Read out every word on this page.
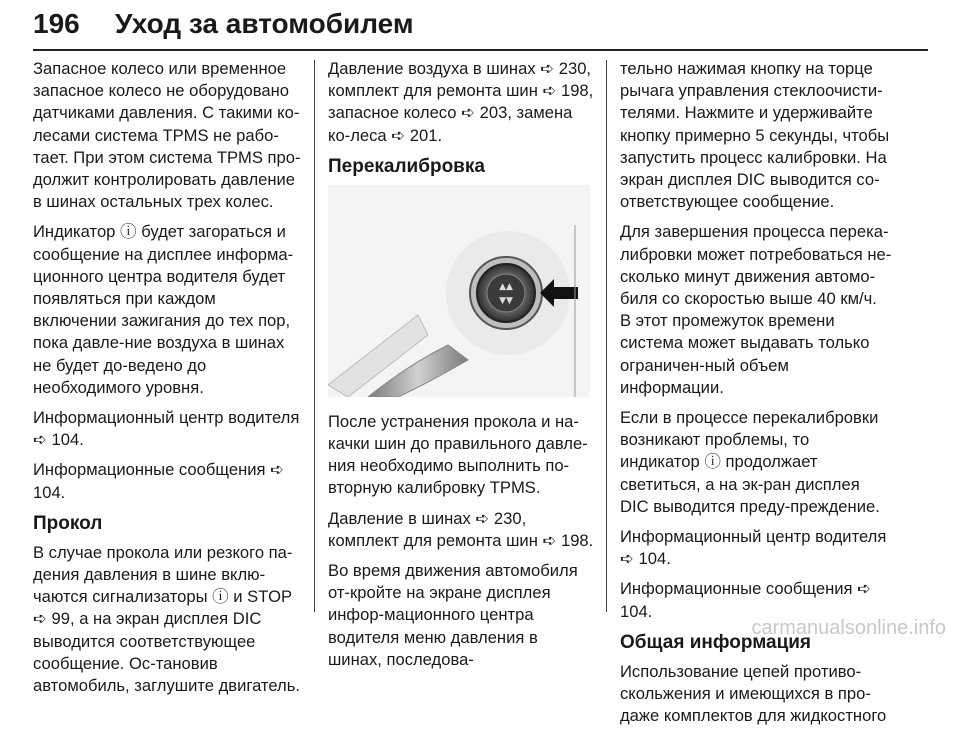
196 Уход за автомобилем

Запасное колесо или временное запасное колесо не оборудовано датчиками давления. С такими ко-лесами система TPMS не рабо-тает. При этом система TPMS про-должит контролировать давление в шинах остальных трех колес.

Индикатор ⓘ будет загораться и сообщение на дисплее информа-ционного центра водителя будет появляться при каждом включении зажигания до тех пор, пока давле-ние воздуха в шинах не будет до-ведено до необходимого уровня.

Информационный центр водителя ➪ 104.

Информационные сообщения ➪ 104.

Прокол

В случае прокола или резкого па-дения давления в шине вклю-чаются сигнализаторы ⓘ и STOP ➪ 99, а на экран дисплея DIC выводится соответствующее сообщение. Ос-тановив автомобиль, заглушите двигатель.

Давление воздуха в шинах ➪ 230, комплект для ремонта шин ➪ 198, запасное колесо ➪ 203, замена ко-леса ➪ 201.

Перекалибровка
▲▲
▼▼

После устранения прокола и на-качки шин до правильного давле-ния необходимо выполнить по-вторную калибровку TPMS.

Давление в шинах ➪ 230, комплект для ремонта шин ➪ 198.

Во время движения автомобиля от-кройте на экране дисплея инфор-мационного центра водителя меню давления в шинах, последова-

тельно нажимая кнопку на торце рычага управления стеклоочисти-телями. Нажмите и удерживайте кнопку примерно 5 секунды, чтобы запустить процесс калибровки. На экран дисплея DIC выводится со-ответствующее сообщение.

Для завершения процесса перека-либровки может потребоваться не-сколько минут движения автомо-биля со скоростью выше 40 км/ч. В этот промежуток времени система может выдавать только ограничен-ный объем информации.

Если в процессе перекалибровки возникают проблемы, то индикатор ⓘ продолжает светиться, а на эк-ран дисплея DIC выводится преду-преждение.

Информационный центр водителя ➪ 104.

Информационные сообщения ➪ 104.

Общая информация

Использование цепей противо-скольжения и имеющихся в про-даже комплектов для жидкостного

carmanualsonline.info
